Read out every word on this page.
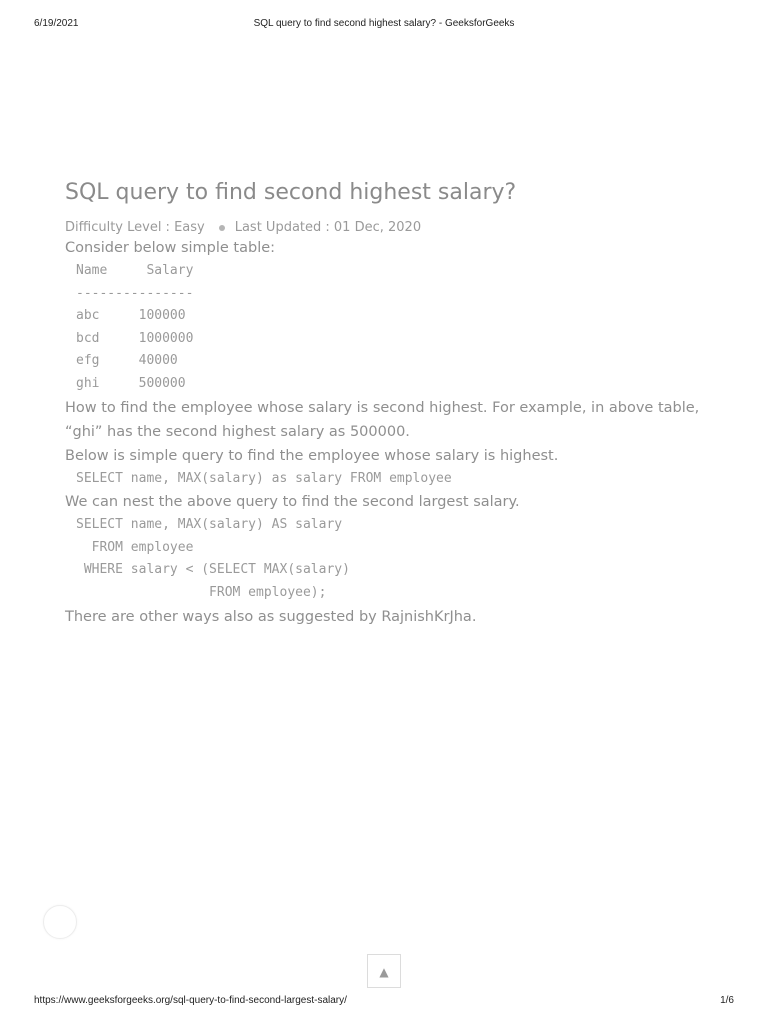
6/19/2021	SQL query to find second highest salary? - GeeksforGeeks
SQL query to find second highest salary?
Difficulty Level : Easy Last Updated : 01 Dec, 2020

Consider below simple table:

Name     Salary
---------------
abc     100000
bcd     1000000
efg     40000
ghi     500000

How to find the employee whose salary is second highest. For example, in above table, “ghi” has the second highest salary as 500000.

Below is simple query to find the employee whose salary is highest.

SELECT name, MAX(salary) as salary FROM employee

We can nest the above query to find the second largest salary.

SELECT name, MAX(salary) AS salary
FROM employee
WHERE salary < (SELECT MAX(salary)
FROM employee);

There are other ways also as suggested by RajnishKrJha.

▲
https://www.geeksforgeeks.org/sql-query-to-find-second-largest-salary/	1/6
